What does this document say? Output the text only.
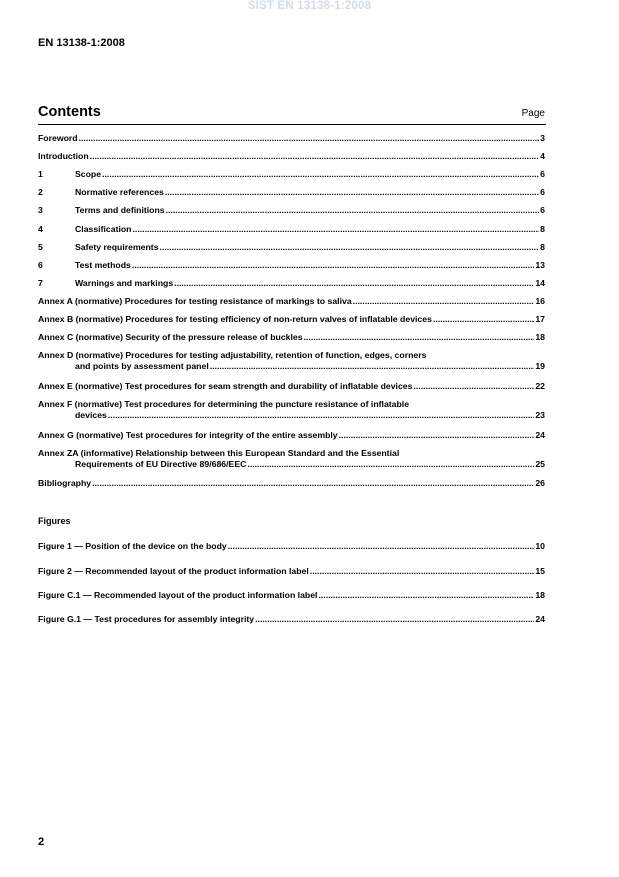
SIST EN 13138-1:2008
EN 13138-1:2008
Contents	Page
Foreword .....	3
Introduction .....	4
1	Scope .....	6
2	Normative references .....	6
3	Terms and definitions .....	6
4	Classification .....	8
5	Safety requirements .....	8
6	Test methods .....	13
7	Warnings and markings .....	14
Annex A (normative) Procedures for testing resistance of markings to saliva .....	16
Annex B (normative) Procedures for testing efficiency of non-return valves of inflatable devices .....	17
Annex C (normative) Security of the pressure release of buckles .....	18
Annex D (normative) Procedures for testing adjustability, retention of function, edges, corners
and points by assessment panel .....	19
Annex E (normative) Test procedures for seam strength and durability of inflatable devices .....	22
Annex F (normative) Test procedures for determining the puncture resistance of inflatable
devices .....	23
Annex G (normative) Test procedures for integrity of the entire assembly .....	24
Annex ZA (informative) Relationship between this European Standard and the Essential
Requirements of EU Directive 89/686/EEC .....	25
Bibliography .....	26
Figures
Figure 1 — Position of the device on the body .....	10
Figure 2 — Recommended layout of the product information label .....	15
Figure C.1 — Recommended layout of the product information label .....	18
Figure G.1 — Test procedures for assembly integrity .....	24
2
